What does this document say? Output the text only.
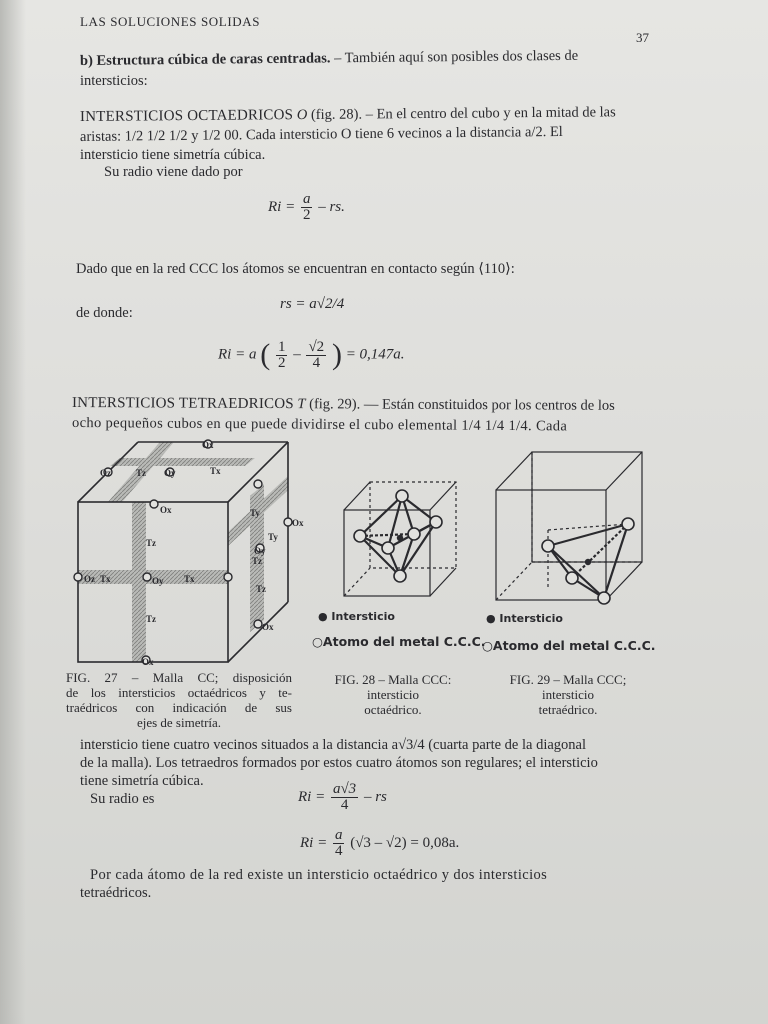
LAS SOLUCIONES SOLIDAS
37
b) Estructura cúbica de caras centradas. – También aquí son posibles dos clases de
intersticios:
INTERSTICIOS OCTAEDRICOS O (fig. 28). – En el centro del cubo y en la mitad de las
aristas: 1/2 1/2 1/2 y 1/2 00. Cada intersticio O tiene 6 vecinos a la distancia a/2. El
intersticio tiene simetría cúbica.
Su radio viene dado por
$Ri = \frac{a}{2}$ – rs.
Dado que en la red CCC los átomos se encuentran en contacto según ⟨110⟩:
de donde:
rs = a√2/4
Ri = a ( $\frac{1}{2} - \frac{√2}{4}$ ) = 0,147a.
INTERSTICIOS TETRAEDRICOS T (fig. 29). — Están constituidos por los centros de los
ocho pequeños cubos en que puede dividirse el cubo elemental 1/4 1/4 1/4. Cada
Ox
Tz
Oy
Tx
Oz
Ty
Ox
Tz
Ox
Ty
Ox
Tz
Tx
Oy	Tx
Oz	Tz
Ox
Tz
Oy
● Intersticio	● Intersticio
○Atomo del metal C.C.C.
○Atomo del metal C.C.C.
FIG. 27 – Malla CC; disposición
de los intersticios octaédricos y te-
traédricos con indicación de sus
ejes de simetría.
FIG. 28 – Malla CCC:
intersticio
octaédrico.
FIG. 29 – Malla CCC;
intersticio
tetraédrico.
intersticio tiene cuatro vecinos situados a la distancia a√3/4 (cuarta parte de la diagonal
de la malla). Los tetraedros formados por estos cuatro átomos son regulares; el intersticio
tiene simetría cúbica.
Su radio es	$Ri = \frac{a√3}{4}$ – rs
$Ri = \frac{a}{4} (√3 - √2) = 0,08a$.
Por cada átomo de la red existe un intersticio octaédrico y dos intersticios
tetraédricos.
